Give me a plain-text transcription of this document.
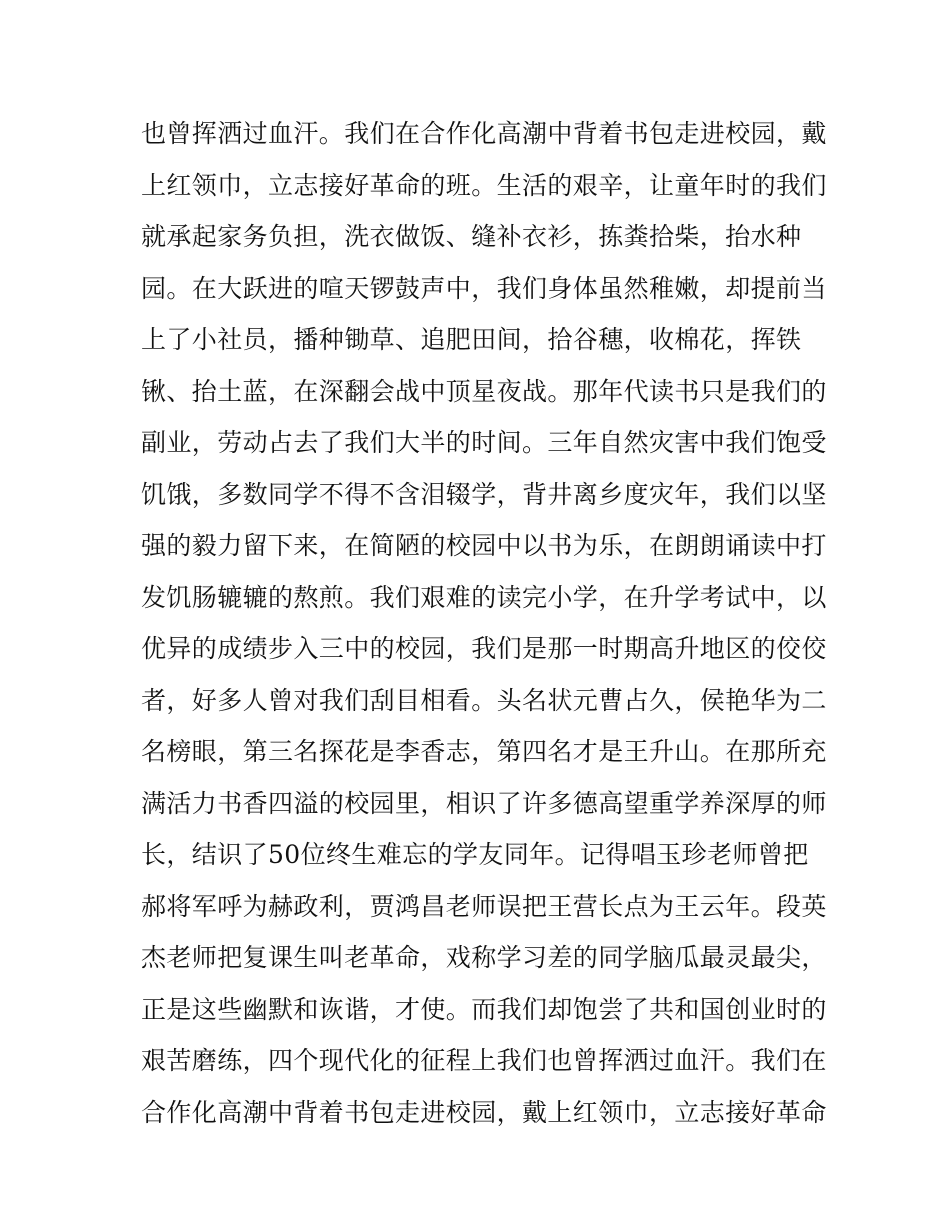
也曾挥洒过血汗。我们在合作化高潮中背着书包走进校园，戴
上红领巾，立志接好革命的班。生活的艰辛，让童年时的我们
就承起家务负担，洗衣做饭、缝补衣衫，拣粪拾柴，抬水种
园。在大跃进的喧天锣鼓声中，我们身体虽然稚嫩，却提前当
上了小社员，播种锄草、追肥田间，拾谷穗，收棉花，挥铁
锹、抬土蓝，在深翻会战中顶星夜战。那年代读书只是我们的
副业，劳动占去了我们大半的时间。三年自然灾害中我们饱受
饥饿，多数同学不得不含泪辍学，背井离乡度灾年，我们以坚
强的毅力留下来，在简陋的校园中以书为乐，在朗朗诵读中打
发饥肠辘辘的熬煎。我们艰难的读完小学，在升学考试中，以
优异的成绩步入三中的校园，我们是那一时期高升地区的佼佼
者，好多人曾对我们刮目相看。头名状元曹占久，侯艳华为二
名榜眼，第三名探花是李香志，第四名才是王升山。在那所充
满活力书香四溢的校园里，相识了许多德高望重学养深厚的师
长，结识了50位终生难忘的学友同年。记得唱玉珍老师曾把
郝将军呼为赫政利，贾鸿昌老师误把王营长点为王云年。段英
杰老师把复课生叫老革命，戏称学习差的同学脑瓜最灵最尖，
正是这些幽默和诙谐，才使。而我们却饱尝了共和国创业时的
艰苦磨练，四个现代化的征程上我们也曾挥洒过血汗。我们在
合作化高潮中背着书包走进校园，戴上红领巾，立志接好革命
